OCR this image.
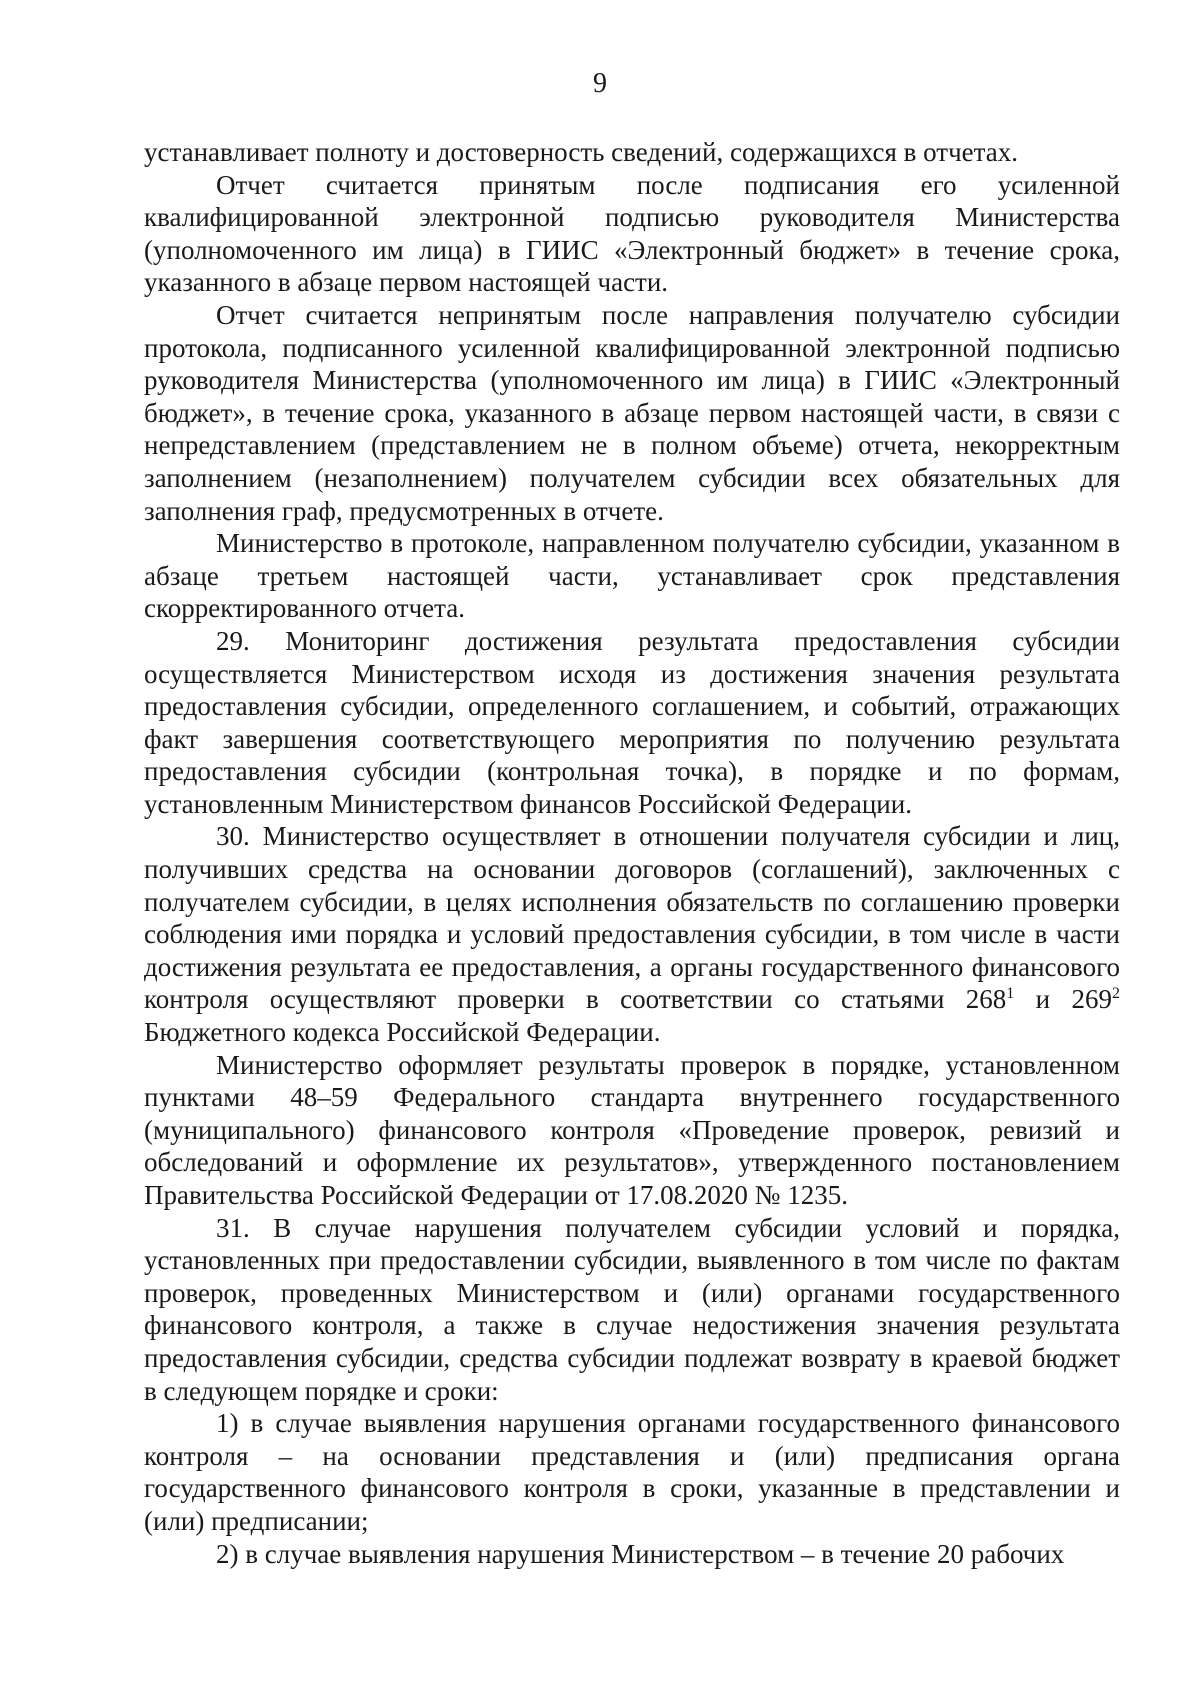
9

устанавливает полноту и достоверность сведений, содержащихся в отчетах.

Отчет считается принятым после подписания его усиленной квалифицированной электронной подписью руководителя Министерства (уполномоченного им лица) в ГИИС «Электронный бюджет» в течение срока, указанного в абзаце первом настоящей части.

Отчет считается непринятым после направления получателю субсидии протокола, подписанного усиленной квалифицированной электронной подписью руководителя Министерства (уполномоченного им лица) в ГИИС «Электронный бюджет», в течение срока, указанного в абзаце первом настоящей части, в связи с непредставлением (представлением не в полном объеме) отчета, некорректным заполнением (незаполнением) получателем субсидии всех обязательных для заполнения граф, предусмотренных в отчете.

Министерство в протоколе, направленном получателю субсидии, указанном в абзаце третьем настоящей части, устанавливает срок представления скорректированного отчета.

29. Мониторинг достижения результата предоставления субсидии осуществляется Министерством исходя из достижения значения результата предоставления субсидии, определенного соглашением, и событий, отражающих факт завершения соответствующего мероприятия по получению результата предоставления субсидии (контрольная точка), в порядке и по формам, установленным Министерством финансов Российской Федерации.

30. Министерство осуществляет в отношении получателя субсидии и лиц, получивших средства на основании договоров (соглашений), заключенных с получателем субсидии, в целях исполнения обязательств по соглашению проверки соблюдения ими порядка и условий предоставления субсидии, в том числе в части достижения результата ее предоставления, а органы государственного финансового контроля осуществляют проверки в соответствии со статьями $268^1$ и $269^2$ Бюджетного кодекса Российской Федерации.

Министерство оформляет результаты проверок в порядке, установленном пунктами 48–59 Федерального стандарта внутреннего государственного (муниципального) финансового контроля «Проведение проверок, ревизий и обследований и оформление их результатов», утвержденного постановлением Правительства Российской Федерации от 17.08.2020 № 1235.

31. В случае нарушения получателем субсидии условий и порядка, установленных при предоставлении субсидии, выявленного в том числе по фактам проверок, проведенных Министерством и (или) органами государственного финансового контроля, а также в случае недостижения значения результата предоставления субсидии, средства субсидии подлежат возврату в краевой бюджет в следующем порядке и сроки:

1) в случае выявления нарушения органами государственного финансового контроля – на основании представления и (или) предписания органа государственного финансового контроля в сроки, указанные в представлении и (или) предписании;

2) в случае выявления нарушения Министерством – в течение 20 рабочих
